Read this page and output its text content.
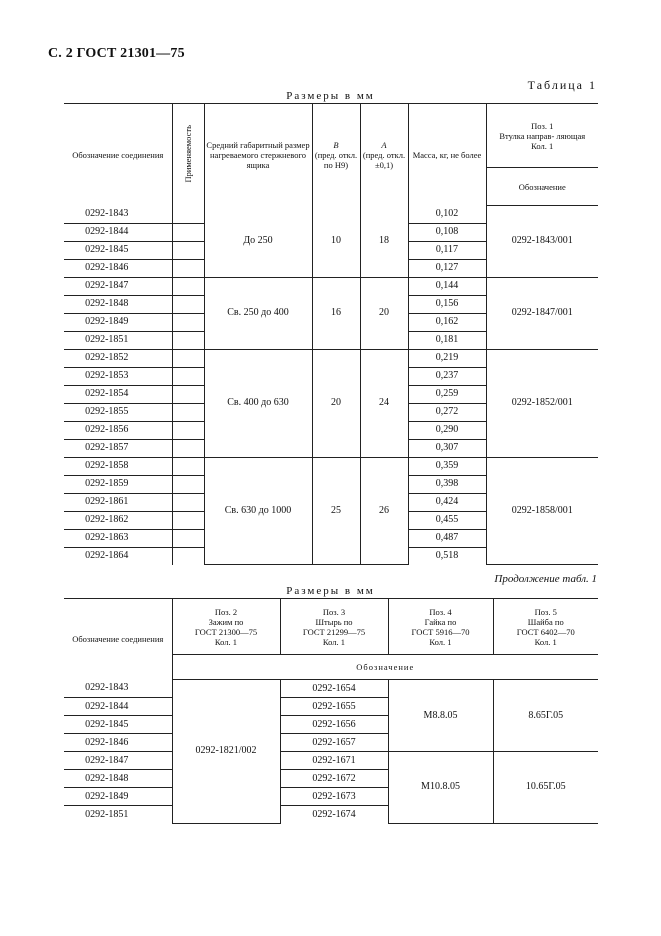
С. 2 ГОСТ 21301—75
Таблица 1
Размеры в мм
Обозначение соединения	Применяемость	Средний габаритный размер нагреваемого стержневого ящика	B
(пред. откл. по H9)	A
(пред. откл. ±0,1)	Масса, кг, не более	Поз. 1
Втулка направ- ляющая
Кол. 1
						Обозначение
0292-1843		До 250	10	18	0,102	0292-1843/001
0292-1844					0,108	
0292-1845					0,117	
0292-1846					0,127	
0292-1847		Св. 250 до 400	16	20	0,144	0292-1847/001
0292-1848					0,156	
0292-1849					0,162	
0292-1851					0,181	
0292-1852		Св. 400 до 630	20	24	0,219	0292-1852/001
0292-1853					0,237	
0292-1854					0,259	
0292-1855					0,272	
0292-1856					0,290	
0292-1857					0,307	
0292-1858		Св. 630 до 1000	25	26	0,359	0292-1858/001
0292-1859					0,398	
0292-1861					0,424	
0292-1862					0,455	
0292-1863					0,487	
0292-1864					0,518	
Продолжение табл. 1
Размеры в мм
Обозначение соединения	Поз. 2
Зажим по
ГОСТ 21300—75
Кол. 1	Поз. 3
Штырь по
ГОСТ 21299—75
Кол. 1	Поз. 4
Гайка по
ГОСТ 5916—70
Кол. 1	Поз. 5
Шайба по
ГОСТ 6402—70
Кол. 1
	Обозначение			
0292-1843	0292-1821/002	0292-1654	M8.8.05	8.65Г.05
0292-1844		0292-1655		
0292-1845		0292-1656		
0292-1846		0292-1657		
0292-1847		0292-1671	M10.8.05	10.65Г.05
0292-1848		0292-1672		
0292-1849		0292-1673		
0292-1851		0292-1674		
